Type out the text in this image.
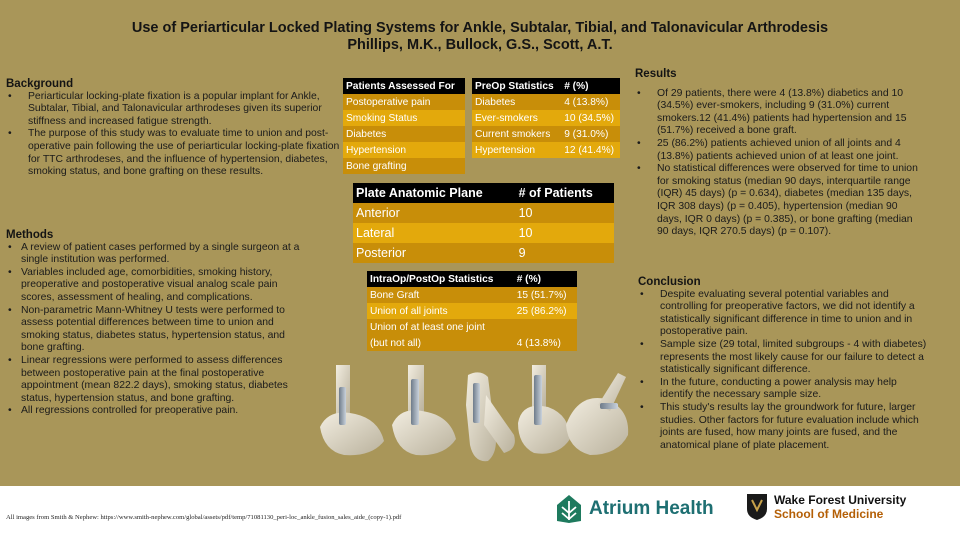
Use of Periarticular Locked Plating Systems for Ankle, Subtalar, Tibial, and Talonavicular Arthrodesis
Phillips, M.K., Bullock, G.S., Scott, A.T.
Background
• Periarticular locking-plate fixation is a popular implant for Ankle, Subtalar, Tibial, and Talonavicular arthrodeses given its superior stiffness and increased fatigue strength.
• The purpose of this study was to evaluate time to union and post-operative pain following the use of periarticular locking-plate fixation for TTC arthrodeses, and the influence of hypertension, diabetes, smoking status, and bone grafting on these results.
Methods
• A review of patient cases performed by a single surgeon at a single institution was performed.
• Variables included age, comorbidities, smoking history, preoperative and postoperative visual analog scale pain scores, assessment of healing, and complications.
• Non-parametric Mann-Whitney U tests were performed to assess potential differences between time to union and smoking status, diabetes status, hypertension status, and bone grafting.
• Linear regressions were performed to assess differences between postoperative pain at the final postoperative appointment (mean 822.2 days), smoking status, diabetes status, hypertension status, and bone grafting.
• All regressions controlled for preoperative pain.
Patients Assessed For
Postoperative pain
Smoking Status
Diabetes
Hypertension
Bone grafting
PreOp Statistics	# (%)
Diabetes	4 (13.8%)
Ever-smokers	10 (34.5%)
Current smokers	9 (31.0%)
Hypertension	12 (41.4%)
Plate Anatomic Plane	# of Patients
Anterior	10
Lateral	10
Posterior	9
IntraOp/PostOp Statistics	# (%)
Bone Graft	15 (51.7%)
Union of all joints	25 (86.2%)
Union of at least one joint	
(but not all)	4 (13.8%)
Results
• Of 29 patients, there were 4 (13.8%) diabetics and 10 (34.5%) ever-smokers, including 9 (31.0%) current smokers.12 (41.4%) patients had hypertension and 15 (51.7%) received a bone graft.
• 25 (86.2%) patients achieved union of all joints and 4 (13.8%) patients achieved union of at least one joint.
• No statistical differences were observed for time to union for smoking status (median 90 days, interquartile range (IQR) 45 days) (p = 0.634), diabetes (median 135 days, IQR 308 days) (p = 0.405), hypertension (median 90 days, IQR 0 days) (p = 0.385), or bone grafting (median 90 days, IQR 270.5 days) (p = 0.107).
Conclusion
• Despite evaluating several potential variables and controlling for preoperative factors, we did not identify a statistically significant difference in time to union and in postoperative pain.
• Sample size (29 total, limited subgroups - 4 with diabetes) represents the most likely cause for our failure to detect a statistically significant difference.
• In the future, conducting a power analysis may help identify the necessary sample size.
• This study's results lay the groundwork for future, larger studies. Other factors for future evaluation include which joints are fused, how many joints are fused, and the anatomical plane of plate placement.
All images from Smith & Nephew: https://www.smith-nephew.com/global/assets/pdf/temp/71081130_peri-loc_ankle_fusion_sales_aide_(copy-1).pdf	Atrium Health	Wake Forest University
School of Medicine
